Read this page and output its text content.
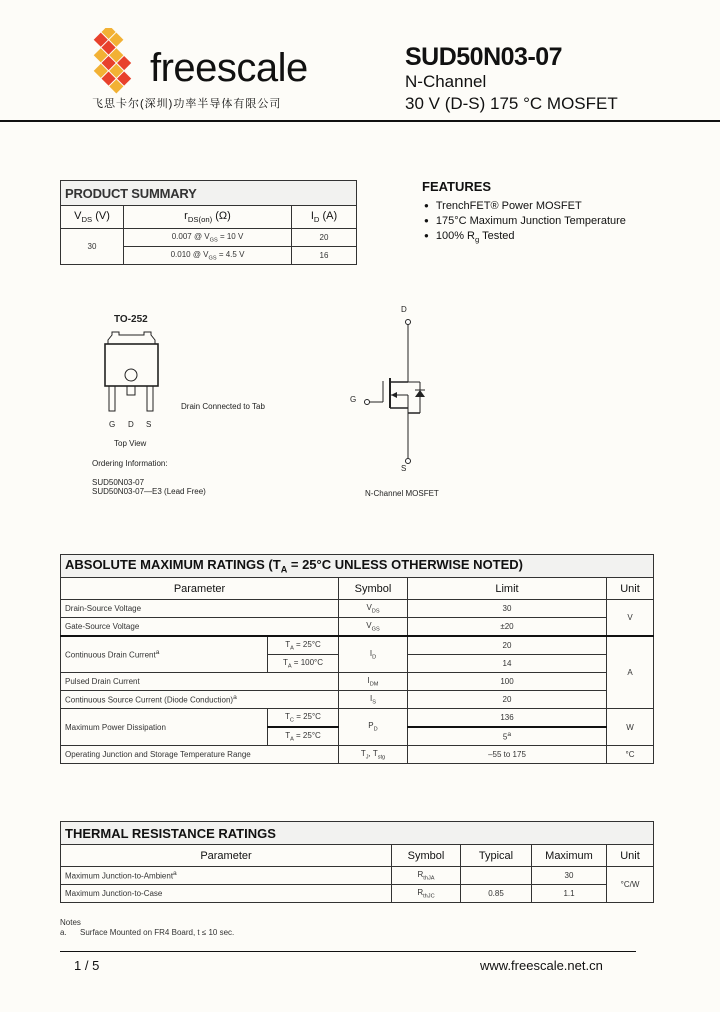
freescale
飞思卡尔(深圳)功率半导体有限公司
SUD50N03-07
N-Channel
30 V (D-S) 175 °C MOSFET
PRODUCT SUMMARY		
$V_{DS}$ (V)	$r_{DS(on)}$ (Ω)	$I_D$ (A)
30	0.007 @ $V_{GS} = 10$ V	20
	0.010 @ $V_{GS} = 4.5$ V	16
FEATURES
● TrenchFET® Power MOSFET
● 175°C Maximum Junction Temperature
● 100% $R_g$ Tested
TO-252
G D S
Drain Connected to Tab
Top View
Ordering Information:
SUD50N03-07
SUD50N03-07—E3 (Lead Free)
D
G
S
N-Channel MOSFET
ABSOLUTE MAXIMUM RATINGS ($T_A = 25^\circ C$ UNLESS OTHERWISE NOTED)				
Parameter		Symbol	Limit	Unit
Drain-Source Voltage		$V_{DS}$	30	V
Gate-Source Voltage		$V_{GS}$	±20	
Continuous Drain Current$^a$	$T_A = 25^\circ C$	$I_D$	20	A
	$T_A = 100^\circ C$		14	
Pulsed Drain Current		$I_{DM}$	100	
Continuous Source Current (Diode Conduction)$^a$		$I_S$	20	
Maximum Power Dissipation	$T_C = 25^\circ C$	$P_D$	136	W
	$T_A = 25^\circ C$		5$^a$
Operating Junction and Storage Temperature Range		$T_J$, $T_{stg}$	–55 to 175	°C
THERMAL RESISTANCE RATINGS				
Parameter	Symbol	Typical	Maximum	Unit
Maximum Junction-to-Ambient$^a$	$R_{thJA}$		30	°C/W
Maximum Junction-to-Case	$R_{thJC}$	0.85	1.1	
Notes
a. Surface Mounted on FR4 Board, t ≤ 10 sec.
1 / 5	www.freescale.net.cn
